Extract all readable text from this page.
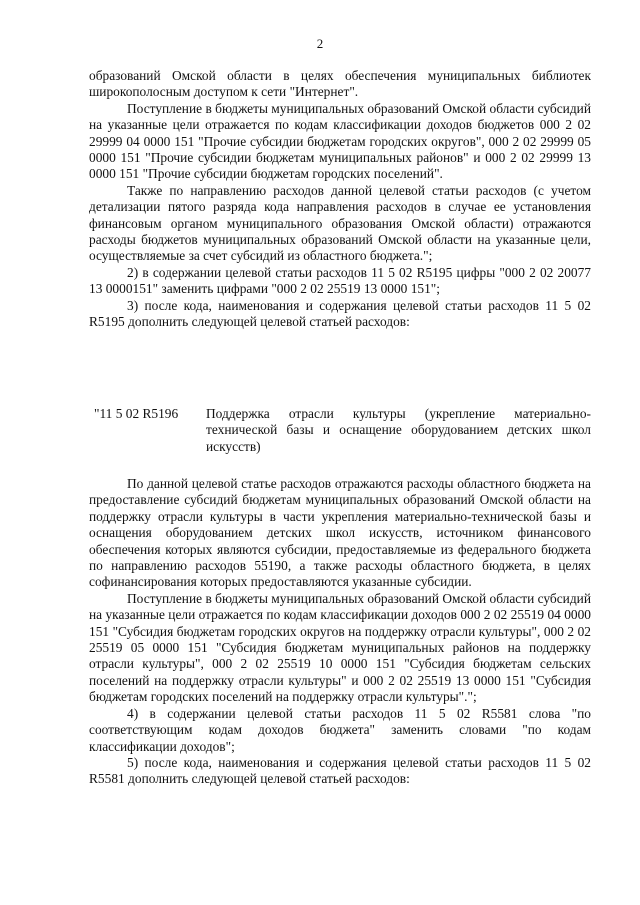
2

образований Омской области в целях обеспечения муниципальных библиотек широкополосным доступом к сети "Интернет".

Поступление в бюджеты муниципальных образований Омской области субсидий на указанные цели отражается по кодам классификации доходов бюджетов 000 2 02 29999 04 0000 151 "Прочие субсидии бюджетам городских округов", 000 2 02 29999 05 0000 151 "Прочие субсидии бюджетам муниципальных районов" и 000 2 02 29999 13 0000 151 "Прочие субсидии бюджетам городских поселений".

Также по направлению расходов данной целевой статьи расходов (с учетом детализации пятого разряда кода направления расходов в случае ее установления финансовым органом муниципального образования Омской области) отражаются расходы бюджетов муниципальных образований Омской области на указанные цели, осуществляемые за счет субсидий из областного бюджета.";

2) в содержании целевой статьи расходов 11 5 02 R5195 цифры "000 2 02 20077 13 0000151" заменить цифрами "000 2 02 25519 13 0000 151";

3) после кода, наименования и содержания целевой статьи расходов 11 5 02 R5195 дополнить следующей целевой статьей расходов:

"11 5 02 R5196	Поддержка отрасли культуры (укрепление материально-технической базы и оснащение оборудованием детских школ искусств)

По данной целевой статье расходов отражаются расходы областного бюджета на предоставление субсидий бюджетам муниципальных образований Омской области на поддержку отрасли культуры в части укрепления материально-технической базы и оснащения оборудованием детских школ искусств, источником финансового обеспечения которых являются субсидии, предоставляемые из федерального бюджета по направлению расходов 55190, а также расходы областного бюджета, в целях софинансирования которых предоставляются указанные субсидии.

Поступление в бюджеты муниципальных образований Омской области субсидий на указанные цели отражается по кодам классификации доходов 000 2 02 25519 04 0000 151 "Субсидия бюджетам городских округов на поддержку отрасли культуры", 000 2 02 25519 05 0000 151 "Субсидия бюджетам муниципальных районов на поддержку отрасли культуры", 000 2 02 25519 10 0000 151 "Субсидия бюджетам сельских поселений на поддержку отрасли культуры" и 000 2 02 25519 13 0000 151 "Субсидия бюджетам городских поселений на поддержку отрасли культуры".";

4) в содержании целевой статьи расходов 11 5 02 R5581 слова "по соответствующим кодам доходов бюджета" заменить словами "по кодам классификации доходов";

5) после кода, наименования и содержания целевой статьи расходов 11 5 02 R5581 дополнить следующей целевой статьей расходов:
